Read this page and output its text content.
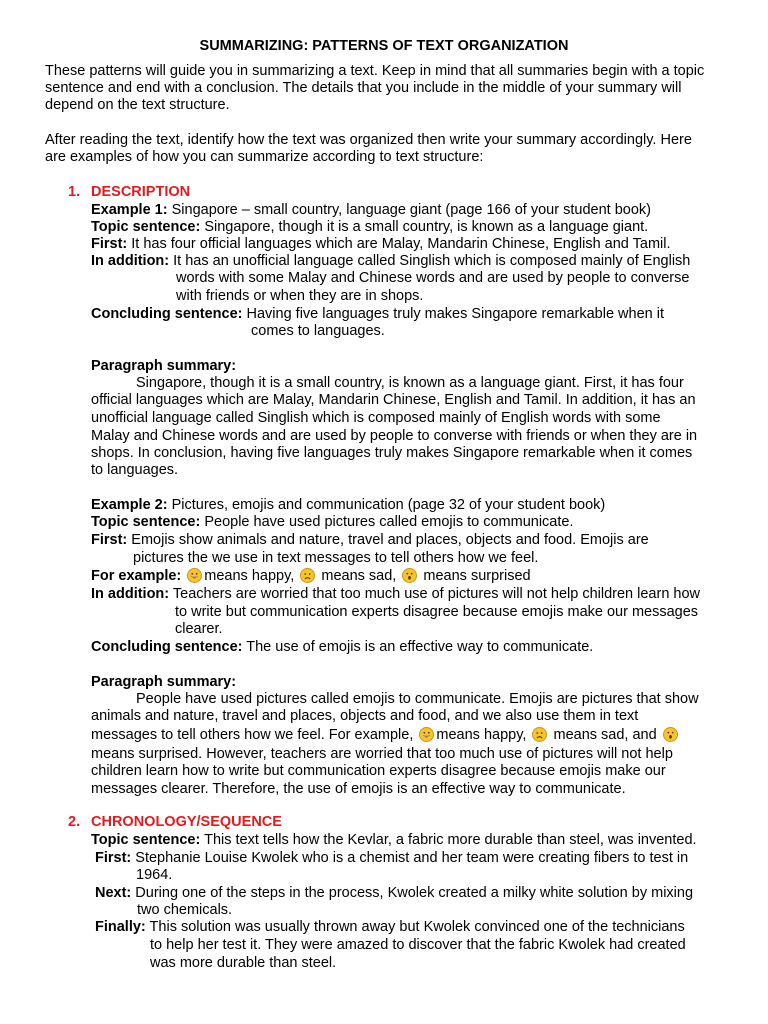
SUMMARIZING: PATTERNS OF TEXT ORGANIZATION
These patterns will guide you in summarizing a text. Keep in mind that all summaries begin with a topic
sentence and end with a conclusion. The details that you include in the middle of your summary will
depend on the text structure.
After reading the text, identify how the text was organized then write your summary accordingly. Here
are examples of how you can summarize according to text structure:
1. DESCRIPTION
Example 1: Singapore – small country, language giant (page 166 of your student book)
Topic sentence: Singapore, though it is a small country, is known as a language giant.
First: It has four official languages which are Malay, Mandarin Chinese, English and Tamil.
In addition: It has an unofficial language called Singlish which is composed mainly of English
words with some Malay and Chinese words and are used by people to converse
with friends or when they are in shops.
Concluding sentence: Having five languages truly makes Singapore remarkable when it
comes to languages.
Paragraph summary:
Singapore, though it is a small country, is known as a language giant. First, it has four
official languages which are Malay, Mandarin Chinese, English and Tamil. In addition, it has an
unofficial language called Singlish which is composed mainly of English words with some
Malay and Chinese words and are used by people to converse with friends or when they are in
shops. In conclusion, having five languages truly makes Singapore remarkable when it comes
to languages.
Example 2: Pictures, emojis and communication (page 32 of your student book)
Topic sentence: People have used pictures called emojis to communicate.
First: Emojis show animals and nature, travel and places, objects and food. Emojis are
pictures the we use in text messages to tell others how we feel.
For example: means happy, means sad, means surprised
In addition: Teachers are worried that too much use of pictures will not help children learn how
to write but communication experts disagree because emojis make our messages
clearer.
Concluding sentence: The use of emojis is an effective way to communicate.
Paragraph summary:
People have used pictures called emojis to communicate. Emojis are pictures that show
animals and nature, travel and places, objects and food, and we also use them in text
messages to tell others how we feel. For example, means happy, means sad, and
means surprised. However, teachers are worried that too much use of pictures will not help
children learn how to write but communication experts disagree because emojis make our
messages clearer. Therefore, the use of emojis is an effective way to communicate.
2. CHRONOLOGY/SEQUENCE
Topic sentence: This text tells how the Kevlar, a fabric more durable than steel, was invented.
First: Stephanie Louise Kwolek who is a chemist and her team were creating fibers to test in
1964.
Next: During one of the steps in the process, Kwolek created a milky white solution by mixing
two chemicals.
Finally: This solution was usually thrown away but Kwolek convinced one of the technicians
to help her test it. They were amazed to discover that the fabric Kwolek had created
was more durable than steel.
